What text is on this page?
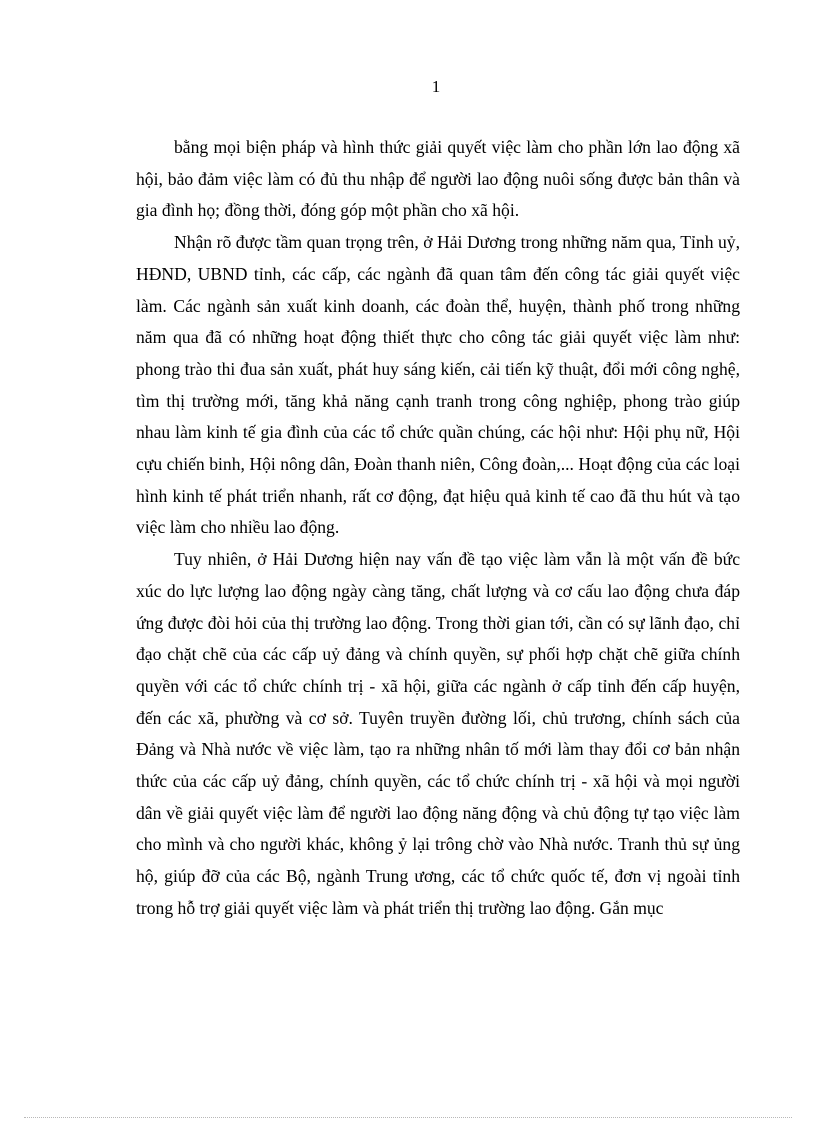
1

bằng mọi biện pháp và hình thức giải quyết việc làm cho phần lớn lao động xã hội, bảo đảm việc làm có đủ thu nhập để người lao động nuôi sống được bản thân và gia đình họ; đồng thời, đóng góp một phần cho xã hội.

Nhận rõ được tầm quan trọng trên, ở Hải Dương trong những năm qua, Tỉnh uỷ, HĐND, UBND tỉnh, các cấp, các ngành đã quan tâm đến công tác giải quyết việc làm. Các ngành sản xuất kinh doanh, các đoàn thể, huyện, thành phố trong những năm qua đã có những hoạt động thiết thực cho công tác giải quyết việc làm như: phong trào thi đua sản xuất, phát huy sáng kiến, cải tiến kỹ thuật, đổi mới công nghệ, tìm thị trường mới, tăng khả năng cạnh tranh trong công nghiệp, phong trào giúp nhau làm kinh tế gia đình của các tổ chức quần chúng, các hội như: Hội phụ nữ, Hội cựu chiến binh, Hội nông dân, Đoàn thanh niên, Công đoàn,... Hoạt động của các loại hình kinh tế phát triển nhanh, rất cơ động, đạt hiệu quả kinh tế cao đã thu hút và tạo việc làm cho nhiều lao động.

Tuy nhiên, ở Hải Dương hiện nay vấn đề tạo việc làm vẫn là một vấn đề bức xúc do lực lượng lao động ngày càng tăng, chất lượng và cơ cấu lao động chưa đáp ứng được đòi hỏi của thị trường lao động. Trong thời gian tới, cần có sự lãnh đạo, chỉ đạo chặt chẽ của các cấp uỷ đảng và chính quyền, sự phối hợp chặt chẽ giữa chính quyền với các tổ chức chính trị - xã hội, giữa các ngành ở cấp tỉnh đến cấp huyện, đến các xã, phường và cơ sở. Tuyên truyền đường lối, chủ trương, chính sách của Đảng và Nhà nước về việc làm, tạo ra những nhân tố mới làm thay đổi cơ bản nhận thức của các cấp uỷ đảng, chính quyền, các tổ chức chính trị - xã hội và mọi người dân về giải quyết việc làm để người lao động năng động và chủ động tự tạo việc làm cho mình và cho người khác, không ỷ lại trông chờ vào Nhà nước. Tranh thủ sự ủng hộ, giúp đỡ của các Bộ, ngành Trung ương, các tổ chức quốc tế, đơn vị ngoài tỉnh trong hỗ trợ giải quyết việc làm và phát triển thị trường lao động. Gắn mục
